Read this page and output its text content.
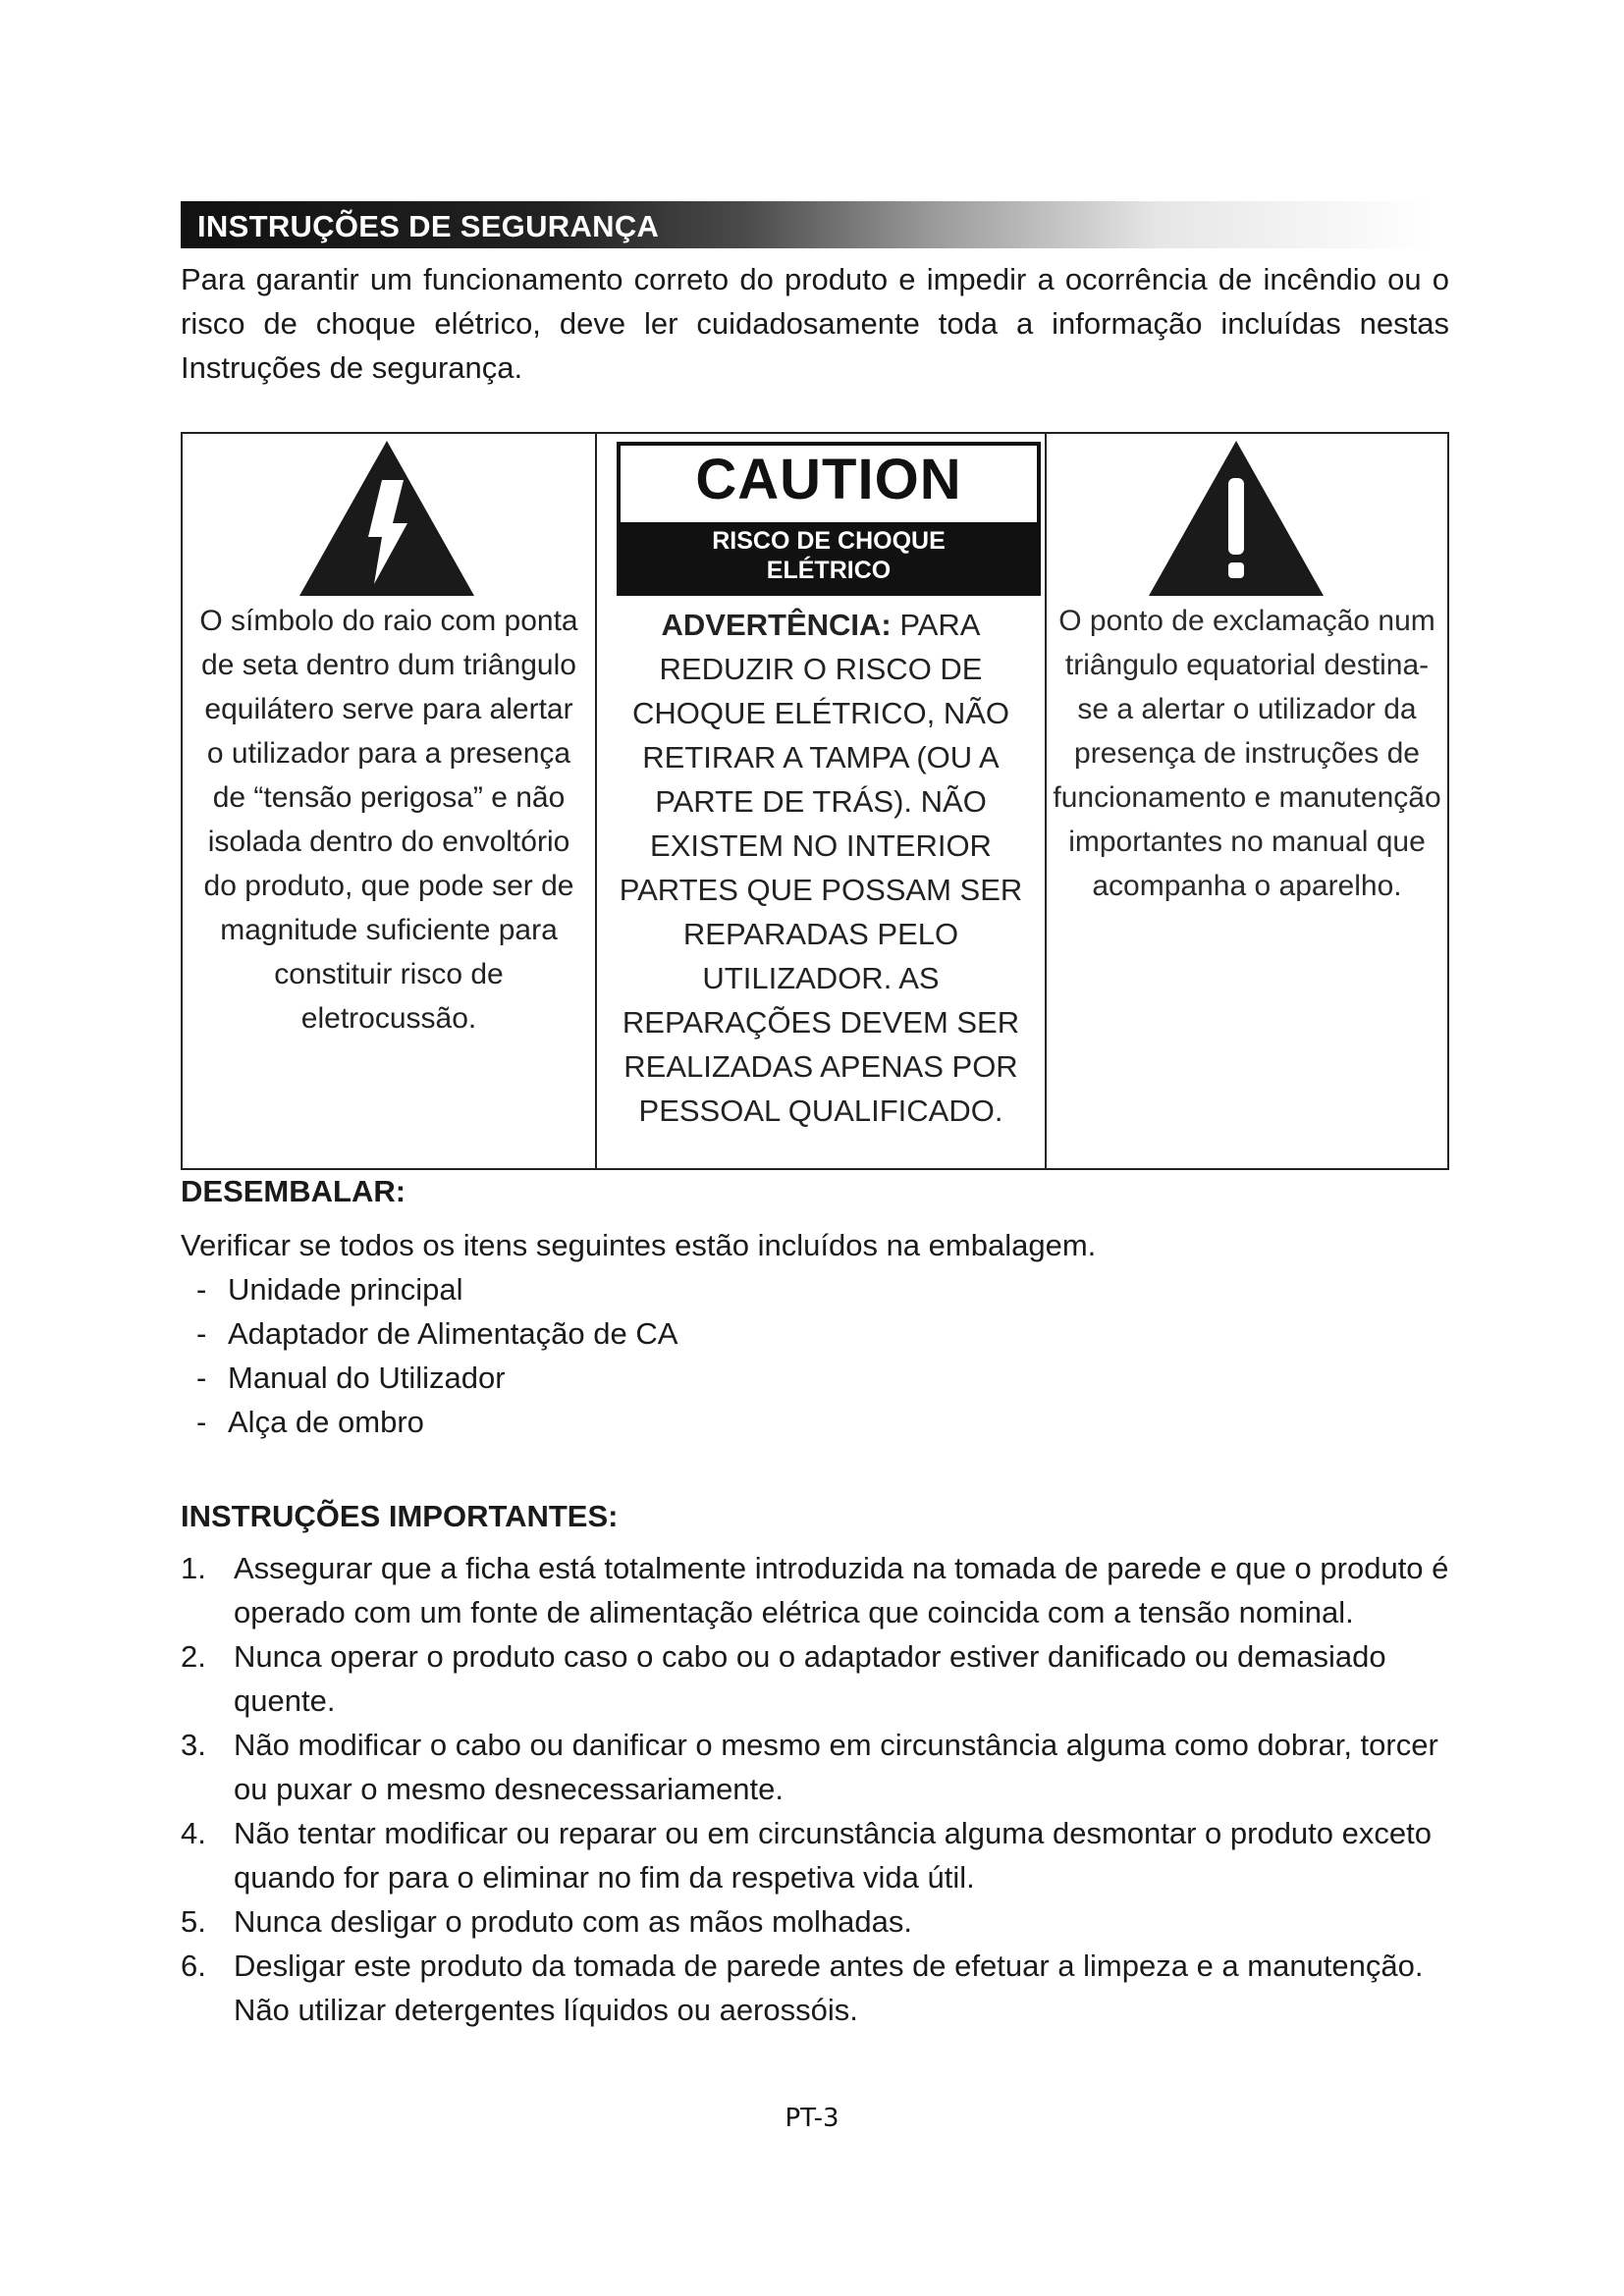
INSTRUÇÕES DE SEGURANÇA

Para garantir um funcionamento correto do produto e impedir a ocorrência de incêndio ou o risco de choque elétrico, deve ler cuidadosamente toda a informação incluídas nestas Instruções de segurança.

O símbolo do raio com ponta de seta dentro dum triângulo equilátero serve para alertar o utilizador para a presença de “tensão perigosa” e não isolada dentro do envoltório do produto, que pode ser de magnitude suficiente para constituir risco de eletrocussão.
CAUTION
RISCO DE CHOQUE
ELÉTRICO
ADVERTÊNCIA: PARA REDUZIR O RISCO DE CHOQUE ELÉTRICO, NÃO RETIRAR A TAMPA (OU A PARTE DE TRÁS). NÃO EXISTEM NO INTERIOR PARTES QUE POSSAM SER REPARADAS PELO UTILIZADOR. AS REPARAÇÕES DEVEM SER REALIZADAS APENAS POR PESSOAL QUALIFICADO.
O ponto de exclamação num triângulo equatorial destina-se a alertar o utilizador da presença de instruções de funcionamento e manutenção importantes no manual que acompanha o aparelho.
DESEMBALAR:
Verificar se todos os itens seguintes estão incluídos na embalagem.
- Unidade principal
- Adaptador de Alimentação de CA
- Manual do Utilizador
- Alça de ombro
INSTRUÇÕES IMPORTANTES:
1. Assegurar que a ficha está totalmente introduzida na tomada de parede e que o produto é operado com um fonte de alimentação elétrica que coincida com a tensão nominal.
2. Nunca operar o produto caso o cabo ou o adaptador estiver danificado ou demasiado quente.
3. Não modificar o cabo ou danificar o mesmo em circunstância alguma como dobrar, torcer ou puxar o mesmo desnecessariamente.
4. Não tentar modificar ou reparar ou em circunstância alguma desmontar o produto exceto quando for para o eliminar no fim da respetiva vida útil.
5. Nunca desligar o produto com as mãos molhadas.
6. Desligar este produto da tomada de parede antes de efetuar a limpeza e a manutenção. Não utilizar detergentes líquidos ou aerossóis.
PT-3
